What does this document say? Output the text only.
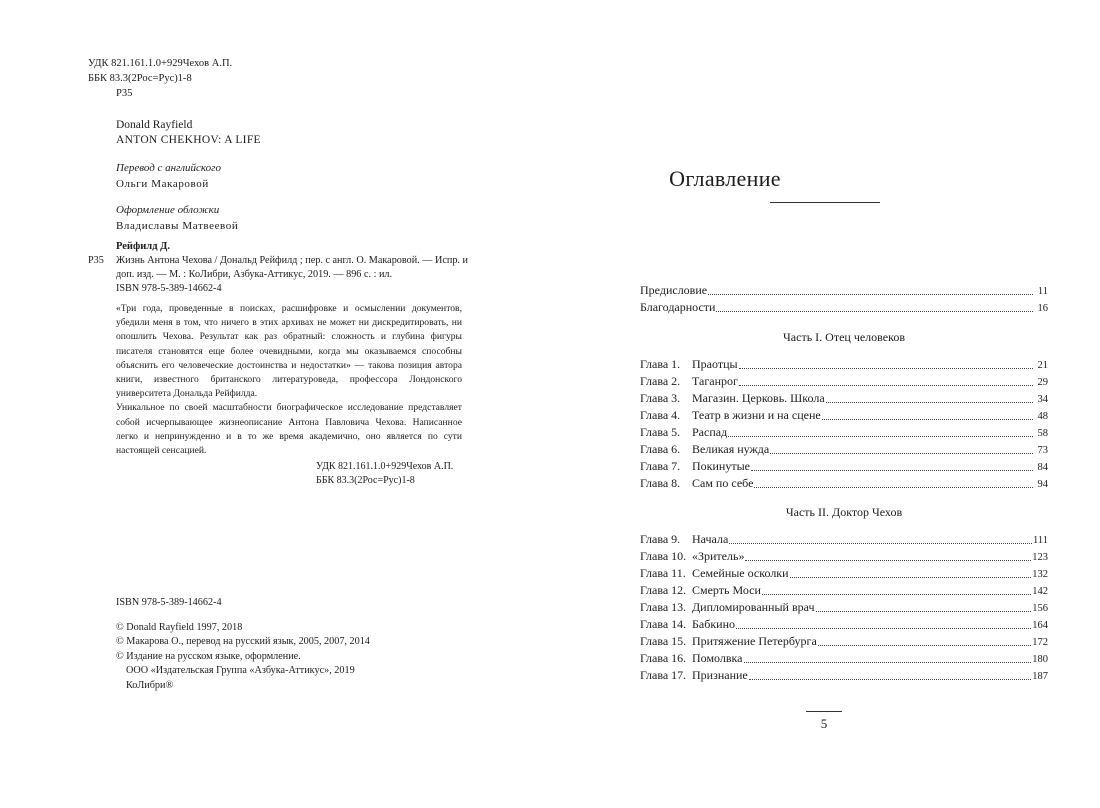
УДК 821.161.1.0+929Чехов А.П.
ББК 83.3(2Рос=Рус)1-8
Р35
Donald Rayfield
ANTON CHEKHOV: A LIFE
Перевод с английского
Ольги Макаровой
Оформление обложки
Владиславы Матвеевой
Рейфилд Д.
Р35	Жизнь Антона Чехова / Дональд Рейфилд ; пер. с англ. О. Макаровой. — Испр. и доп. изд. — М. : КоЛибри, Азбука-Аттикус, 2019. — 896 с. : ил.
ISBN 978-5-389-14662-4

«Три года, проведенные в поисках, расшифровке и осмыслении документов, убедили меня в том, что ничего в этих архивах не может ни дискредитировать, ни опошлить Чехова. Результат как раз обратный: сложность и глубина фигуры писателя становятся еще более очевидными, когда мы оказываемся способны объяснить его человеческие достоинства и недостатки» — такова позиция автора книги, известного британского литературоведа, профессора Лондонского университета Дональда Рейфилда.

Уникальное по своей масштабности биографическое исследование представляет собой исчерпывающее жизнеописание Антона Павловича Чехова. Написанное легко и непринужденно и в то же время академично, оно является по сути настоящей сенсацией.

УДК 821.161.1.0+929Чехов А.П.
ББК 83.3(2Рос=Рус)1-8
ISBN 978-5-389-14662-4
© Donald Rayfield 1997, 2018
© Макарова О., перевод на русский язык, 2005, 2007, 2014
© Издание на русском языке, оформление.
ООО «Издательская Группа «Азбука-Аттикус», 2019
КоЛибри®
Оглавление
Предисловие	11
Благодарности	16
Часть I. Отец человеков
Глава 1. Праотцы	21
Глава 2. Таганрог	29
Глава 3. Магазин. Церковь. Школа	34
Глава 4. Театр в жизни и на сцене	48
Глава 5. Распад	58
Глава 6. Великая нужда	73
Глава 7. Покинутые	84
Глава 8. Сам по себе	94
Часть II. Доктор Чехов
Глава 9. Начала	111
Глава 10. «Зритель»	123
Глава 11. Семейные осколки	132
Глава 12. Смерть Моси	142
Глава 13. Дипломированный врач	156
Глава 14. Бабкино	164
Глава 15. Притяжение Петербурга	172
Глава 16. Помолвка	180
Глава 17. Признание	187
5
